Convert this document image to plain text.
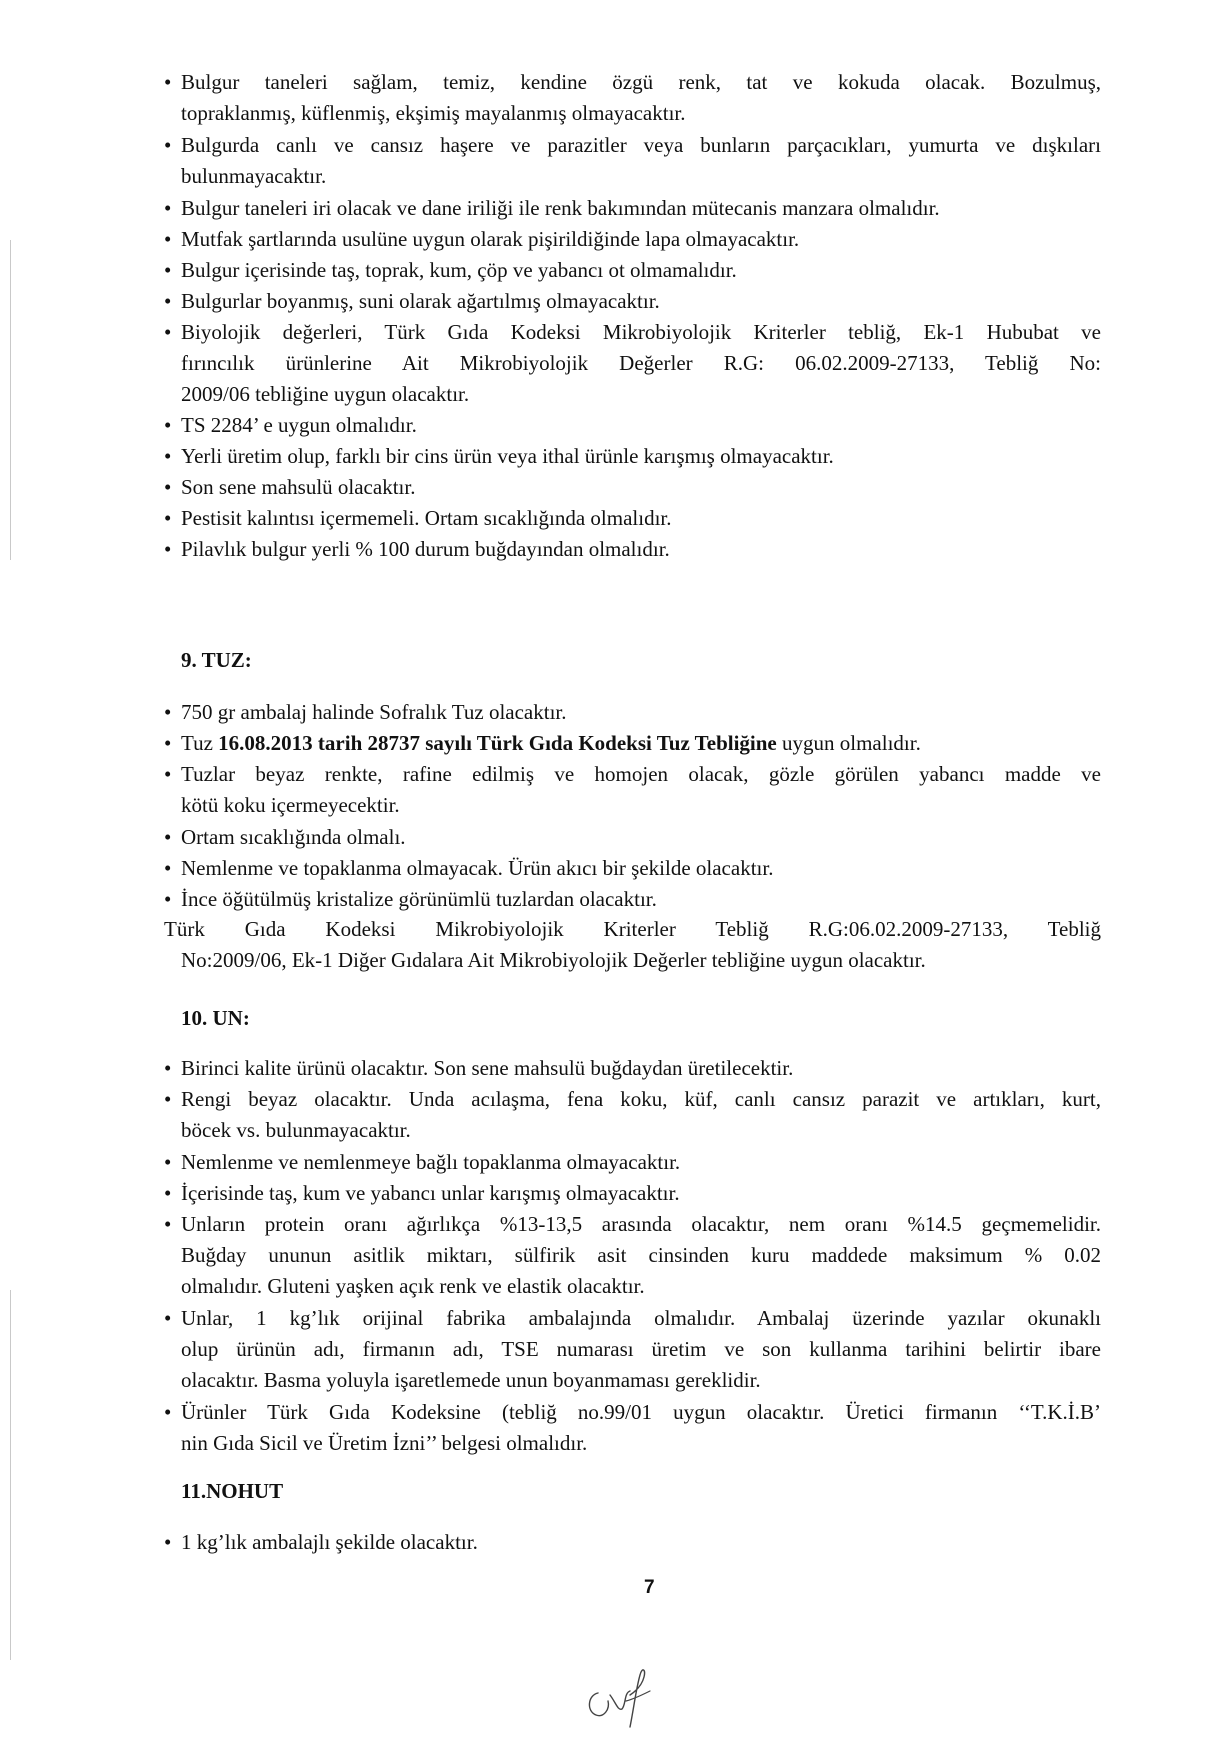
• Bulgur taneleri sağlam, temiz, kendine özgü renk, tat ve kokuda olacak. Bozulmuş,
topraklanmış, küflenmiş, ekşimiş mayalanmış olmayacaktır.
• Bulgurda canlı ve cansız haşere ve parazitler veya bunların parçacıkları, yumurta ve dışkıları
bulunmayacaktır.
• Bulgur taneleri iri olacak ve dane iriliği ile renk bakımından mütecanis manzara olmalıdır.
• Mutfak şartlarında usulüne uygun olarak pişirildiğinde lapa olmayacaktır.
• Bulgur içerisinde taş, toprak, kum, çöp ve yabancı ot olmamalıdır.
• Bulgurlar boyanmış, suni olarak ağartılmış olmayacaktır.
• Biyolojik değerleri, Türk Gıda Kodeksi Mikrobiyolojik Kriterler tebliğ, Ek-1 Hububat ve
fırıncılık ürünlerine Ait Mikrobiyolojik Değerler R.G: 06.02.2009-27133, Tebliğ No:
2009/06 tebliğine uygun olacaktır.
• TS 2284’ e uygun olmalıdır.
• Yerli üretim olup, farklı bir cins ürün veya ithal ürünle karışmış olmayacaktır.
• Son sene mahsulü olacaktır.
• Pestisit kalıntısı içermemeli. Ortam sıcaklığında olmalıdır.
• Pilavlık bulgur yerli % 100 durum buğdayından olmalıdır.
9. TUZ:
• 750 gr ambalaj halinde Sofralık Tuz olacaktır.
• Tuz 16.08.2013 tarih 28737 sayılı Türk Gıda Kodeksi Tuz Tebliğine uygun olmalıdır.
• Tuzlar beyaz renkte, rafine edilmiş ve homojen olacak, gözle görülen yabancı madde ve
kötü koku içermeyecektir.
• Ortam sıcaklığında olmalı.
• Nemlenme ve topaklanma olmayacak. Ürün akıcı bir şekilde olacaktır.
• İnce öğütülmüş kristalize görünümlü tuzlardan olacaktır.
Türk Gıda Kodeksi Mikrobiyolojik Kriterler Tebliğ R.G:06.02.2009-27133, Tebliğ
No:2009/06, Ek-1 Diğer Gıdalara Ait Mikrobiyolojik Değerler tebliğine uygun olacaktır.
10. UN:
• Birinci kalite ürünü olacaktır. Son sene mahsulü buğdaydan üretilecektir.
• Rengi beyaz olacaktır. Unda acılaşma, fena koku, küf, canlı cansız parazit ve artıkları, kurt,
böcek vs. bulunmayacaktır.
• Nemlenme ve nemlenmeye bağlı topaklanma olmayacaktır.
• İçerisinde taş, kum ve yabancı unlar karışmış olmayacaktır.
• Unların protein oranı ağırlıkça %13-13,5 arasında olacaktır, nem oranı %14.5 geçmemelidir.
Buğday ununun asitlik miktarı, sülfirik asit cinsinden kuru maddede maksimum % 0.02
olmalıdır. Gluteni yaşken açık renk ve elastik olacaktır.
• Unlar, 1 kg’lık orijinal fabrika ambalajında olmalıdır. Ambalaj üzerinde yazılar okunaklı
olup ürünün adı, firmanın adı, TSE numarası üretim ve son kullanma tarihini belirtir ibare
olacaktır. Basma yoluyla işaretlemede unun boyanmaması gereklidir.
• Ürünler Türk Gıda Kodeksine (tebliğ no.99/01 uygun olacaktır. Üretici firmanın ‘‘T.K.İ.B’
nin Gıda Sicil ve Üretim İzni’’ belgesi olmalıdır.
11.NOHUT
• 1 kg’lık ambalajlı şekilde olacaktır.
7
